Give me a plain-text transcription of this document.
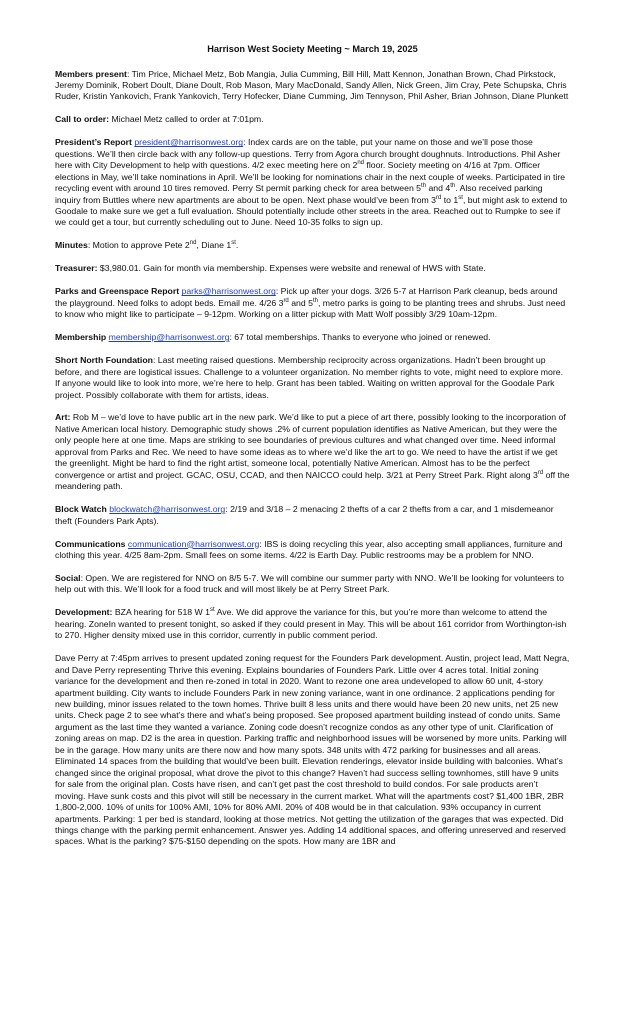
Harrison West Society Meeting ~ March 19, 2025

Members present: Tim Price, Michael Metz, Bob Mangia, Julia Cumming, Bill Hill, Matt Kennon, Jonathan Brown, Chad Pirkstock, Jeremy Dominik, Robert Doult, Diane Doult, Rob Mason, Mary MacDonald, Sandy Allen, Nick Green, Jim Cray, Pete Schupska, Chris Ruder, Kristin Yankovich, Frank Yankovich, Terry Hofecker, Diane Cumming, Jim Tennyson, Phil Asher, Brian Johnson, Diane Plunkett

Call to order: Michael Metz called to order at 7:01pm.

President’s Report president@harrisonwest.org: Index cards are on the table, put your name on those and we’ll pose those questions. We’ll then circle back with any follow-up questions. Terry from Agora church brought doughnuts. Introductions. Phil Asher here with City Development to help with questions. 4/2 exec meeting here on 2nd floor. Society meeting on 4/16 at 7pm. Officer elections in May, we’ll take nominations in April. We’ll be looking for nominations chair in the next couple of weeks. Participated in tire recycling event with around 10 tires removed. Perry St permit parking check for area between 5th and 4th. Also received parking inquiry from Buttles where new apartments are about to be open. Next phase would’ve been from 3rd to 1st, but might ask to extend to Goodale to make sure we get a full evaluation. Should potentially include other streets in the area. Reached out to Rumpke to see if we could get a tour, but currently scheduling out to June. Need 10-35 folks to sign up.

Minutes: Motion to approve Pete 2nd, Diane 1st.

Treasurer: $3,980.01. Gain for month via membership. Expenses were website and renewal of HWS with State.

Parks and Greenspace Report parks@harrisonwest.org: Pick up after your dogs. 3/26 5-7 at Harrison Park cleanup, beds around the playground. Need folks to adopt beds. Email me. 4/26 3rd and 5th, metro parks is going to be planting trees and shrubs. Just need to know who might like to participate – 9-12pm. Working on a litter pickup with Matt Wolf possibly 3/29 10am-12pm.

Membership membership@harrisonwest.org: 67 total memberships. Thanks to everyone who joined or renewed.

Short North Foundation: Last meeting raised questions. Membership reciprocity across organizations. Hadn’t been brought up before, and there are logistical issues. Challenge to a volunteer organization. No member rights to vote, might need to explore more. If anyone would like to look into more, we’re here to help. Grant has been tabled. Waiting on written approval for the Goodale Park project. Possibly collaborate with them for artists, ideas.

Art: Rob M – we’d love to have public art in the new park. We’d like to put a piece of art there, possibly looking to the incorporation of Native American local history. Demographic study shows .2% of current population identifies as Native American, but they were the only people here at one time. Maps are striking to see boundaries of previous cultures and what changed over time. Need informal approval from Parks and Rec. We need to have some ideas as to where we’d like the art to go. We need to have the artist if we get the greenlight. Might be hard to find the right artist, someone local, potentially Native American. Almost has to be the perfect convergence or artist and project. GCAC, OSU, CCAD, and then NAICCO could help. 3/21 at Perry Street Park. Right along 3rd off the meandering path.

Block Watch blockwatch@harrisonwest.org: 2/19 and 3/18 – 2 menacing 2 thefts of a car 2 thefts from a car, and 1 misdemeanor theft (Founders Park Apts).

Communications communication@harrisonwest.org: IBS is doing recycling this year, also accepting small appliances, furniture and clothing this year. 4/25 8am-2pm. Small fees on some items. 4/22 is Earth Day. Public restrooms may be a problem for NNO.

Social: Open. We are registered for NNO on 8/5 5-7. We will combine our summer party with NNO. We’ll be looking for volunteers to help out with this. We’ll look for a food truck and will most likely be at Perry Street Park.

Development: BZA hearing for 518 W 1st Ave. We did approve the variance for this, but you’re more than welcome to attend the hearing. ZoneIn wanted to present tonight, so asked if they could present in May. This will be about 161 corridor from Worthington-ish to 270. Higher density mixed use in this corridor, currently in public comment period.

Dave Perry at 7:45pm arrives to present updated zoning request for the Founders Park development. Austin, project lead, Matt Negra, and Dave Perry representing Thrive this evening. Explains boundaries of Founders Park. Little over 4 acres total. Initial zoning variance for the development and then re-zoned in total in 2020. Want to rezone one area undeveloped to allow 60 unit, 4-story apartment building. City wants to include Founders Park in new zoning variance, want in one ordinance. 2 applications pending for new building, minor issues related to the town homes. Thrive built 8 less units and there would have been 20 new units, net 25 new units. Check page 2 to see what’s there and what’s being proposed. See proposed apartment building instead of condo units. Same argument as the last time they wanted a variance. Zoning code doesn’t recognize condos as any other type of unit. Clarification of zoning areas on map. D2 is the area in question. Parking traffic and neighborhood issues will be worsened by more units. Parking will be in the garage. How many units are there now and how many spots. 348 units with 472 parking for businesses and all areas. Eliminated 14 spaces from the building that would’ve been built. Elevation renderings, elevator inside building with balconies. What’s changed since the original proposal, what drove the pivot to this change? Haven’t had success selling townhomes, still have 9 units for sale from the original plan. Costs have risen, and can’t get past the cost threshold to build condos. For sale products aren’t moving. Have sunk costs and this pivot will still be necessary in the current market. What will the apartments cost? $1,400 1BR, 2BR 1,800-2,000. 10% of units for 100% AMI, 10% for 80% AMI. 20% of 408 would be in that calculation. 93% occupancy in current apartments. Parking: 1 per bed is standard, looking at those metrics. Not getting the utilization of the garages that was expected. Did things change with the parking permit enhancement. Answer yes. Adding 14 additional spaces, and offering unreserved and reserved spaces. What is the parking? $75-$150 depending on the spots. How many are 1BR and
